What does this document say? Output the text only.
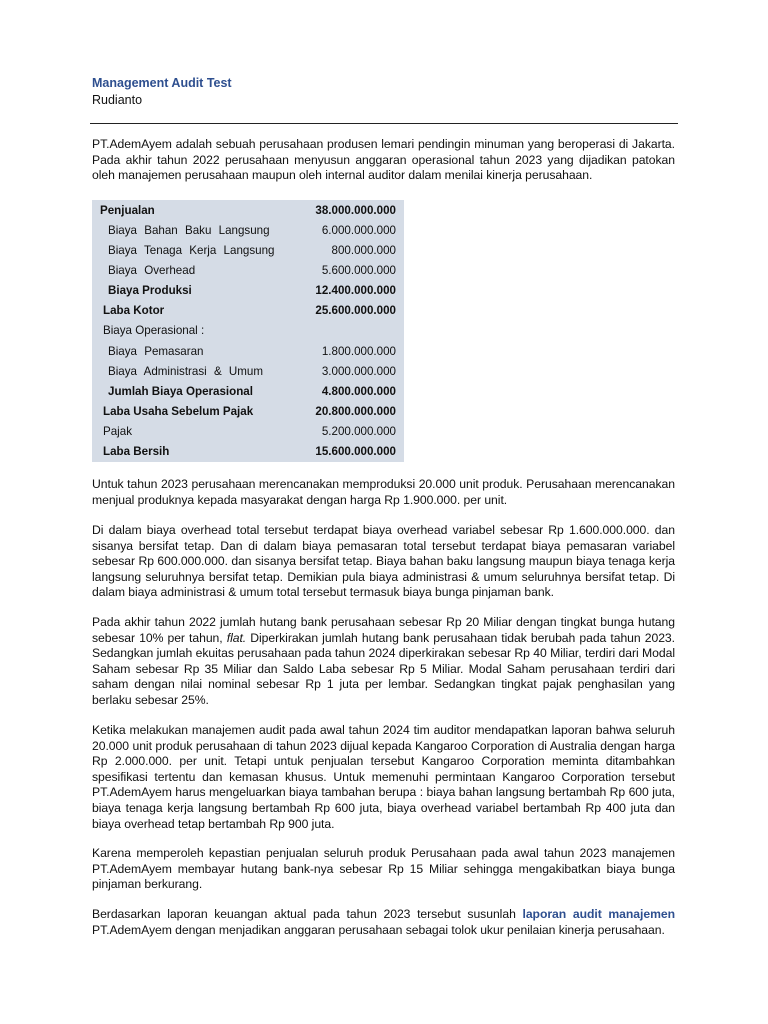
Management Audit Test
Rudianto

PT.AdemAyem adalah sebuah perusahaan produsen lemari pendingin minuman yang beroperasi di Jakarta. Pada akhir tahun 2022 perusahaan menyusun anggaran operasional tahun 2023 yang dijadikan patokan oleh manajemen perusahaan maupun oleh internal auditor dalam menilai kinerja perusahaan.

Penjualan	38.000.000.000
Biaya Bahan Baku Langsung	6.000.000.000
Biaya Tenaga Kerja Langsung	800.000.000
Biaya Overhead	5.600.000.000
Biaya Produksi	12.400.000.000
Laba Kotor	25.600.000.000
Biaya Operasional :	
Biaya Pemasaran	1.800.000.000
Biaya Administrasi & Umum	3.000.000.000
Jumlah Biaya Operasional	4.800.000.000
Laba Usaha Sebelum Pajak	20.800.000.000
Pajak	5.200.000.000
Laba Bersih	15.600.000.000

Untuk tahun 2023 perusahaan merencanakan memproduksi 20.000 unit produk. Perusahaan merencanakan menjual produknya kepada masyarakat dengan harga Rp 1.900.000. per unit.

Di dalam biaya overhead total tersebut terdapat biaya overhead variabel sebesar Rp 1.600.000.000. dan sisanya bersifat tetap. Dan di dalam biaya pemasaran total tersebut terdapat biaya pemasaran variabel sebesar Rp 600.000.000. dan sisanya bersifat tetap. Biaya bahan baku langsung maupun biaya tenaga kerja langsung seluruhnya bersifat tetap. Demikian pula biaya administrasi & umum seluruhnya bersifat tetap. Di dalam biaya administrasi & umum total tersebut termasuk biaya bunga pinjaman bank.

Pada akhir tahun 2022 jumlah hutang bank perusahaan sebesar Rp 20 Miliar dengan tingkat bunga hutang sebesar 10% per tahun, flat. Diperkirakan jumlah hutang bank perusahaan tidak berubah pada tahun 2023. Sedangkan jumlah ekuitas perusahaan pada tahun 2024 diperkirakan sebesar Rp 40 Miliar, terdiri dari Modal Saham sebesar Rp 35 Miliar dan Saldo Laba sebesar Rp 5 Miliar. Modal Saham perusahaan terdiri dari saham dengan nilai nominal sebesar Rp 1 juta per lembar. Sedangkan tingkat pajak penghasilan yang berlaku sebesar 25%.

Ketika melakukan manajemen audit pada awal tahun 2024 tim auditor mendapatkan laporan bahwa seluruh 20.000 unit produk perusahaan di tahun 2023 dijual kepada Kangaroo Corporation di Australia dengan harga Rp 2.000.000. per unit. Tetapi untuk penjualan tersebut Kangaroo Corporation meminta ditambahkan spesifikasi tertentu dan kemasan khusus. Untuk memenuhi permintaan Kangaroo Corporation tersebut PT.AdemAyem harus mengeluarkan biaya tambahan berupa : biaya bahan langsung bertambah Rp 600 juta, biaya tenaga kerja langsung bertambah Rp 600 juta, biaya overhead variabel bertambah Rp 400 juta dan biaya overhead tetap bertambah Rp 900 juta.

Karena memperoleh kepastian penjualan seluruh produk Perusahaan pada awal tahun 2023 manajemen PT.AdemAyem membayar hutang bank-nya sebesar Rp 15 Miliar sehingga mengakibatkan biaya bunga pinjaman berkurang.

Berdasarkan laporan keuangan aktual pada tahun 2023 tersebut susunlah laporan audit manajemen PT.AdemAyem dengan menjadikan anggaran perusahaan sebagai tolok ukur penilaian kinerja perusahaan.
